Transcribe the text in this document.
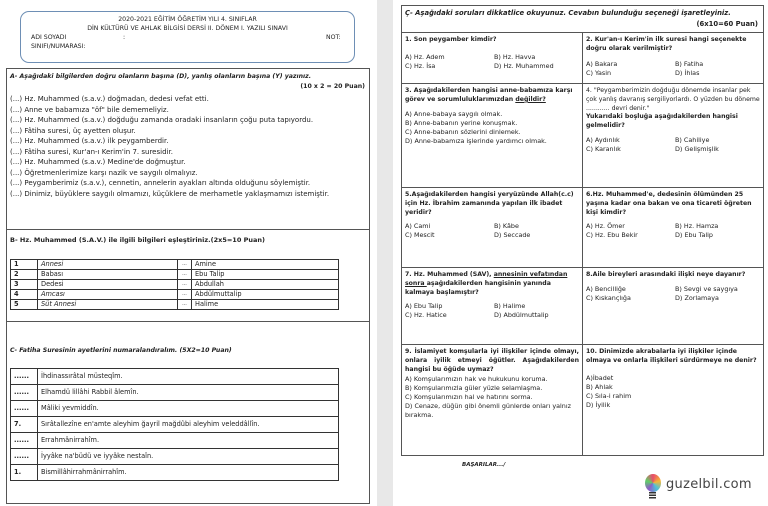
2020-2021 EĞİTİM ÖĞRETİM YILI 4. SINIFLAR
DİN KÜLTÜRÜ VE AHLAK BİLGİSİ DERSİ II. DÖNEM I. YAZILI SINAVI
ADI SOYADI	:	NOT:
SINIFI/NUMARASI:
A- Aşağıdaki bilgilerden doğru olanların başına (D), yanlış olanların başına (Y) yazınız.
(10 x 2 = 20 Puan)
(...) Hz. Muhammed (s.a.v.) doğmadan, dedesi vefat etti.
(...) Anne ve babamıza "öf" bile dememeliyiz.
(...) Hz. Muhammed (s.a.v.) doğduğu zamanda oradaki insanların çoğu puta tapıyordu.
(...) Fâtiha suresi, üç ayetten oluşur.
(...) Hz. Muhammed (s.a.v.) ilk peygamberdir.
(...) Fâtiha suresi, Kur'an-ı Kerim'in 7. suresidir.
(...) Hz. Muhammed (s.a.v.) Medine'de doğmuştur.
(...) Öğretmenlerimize karşı nazik ve saygılı olmalıyız.
(...) Peygamberimiz (s.a.v.), cennetin, annelerin ayakları altında olduğunu söylemiştir.
(...) Dinimiz, büyüklere saygılı olmamızı, küçüklere de merhametle yaklaşmamızı istemiştir.
B- Hz. Muhammed (S.A.V.) ile ilgili bilgileri eşleştiriniz.(2x5=10 Puan)
1	Annesi	...	Amine
2	Babası	...	Ebu Talip
3	Dedesi	...	Abdullah
4	Amcası	...	Abdülmuttalip
5	Süt Annesi	...	Halime
C- Fatiha Suresinin ayetlerini numaralandıralım. (5X2=10 Puan)
......	İhdinassırâtal müsteqîm.
......	Elhamdü lillâhi Rabbil âlemîn.
......	Mâliki yevmiddîn.
7.	Sırâtallezîne en'amte aleyhim ğayril mağdûbi aleyhim veleddâllîn.
......	Errahmânirrahîm.
......	İyyâke na'büdü ve iyyâke nestaîn.
1.	Bismillâhirrahmânirrahîm.
Ç- Aşağıdaki soruları dikkatlice okuyunuz. Cevabın bulunduğu seçeneği işaretleyiniz.
(6x10=60 Puan)
1. Son peygamber kimdir?
A) Hz. Adem	B) Hz. Havva
C) Hz. İsa	D) Hz. Muhammed
2. Kur'an-ı Kerim'in ilk suresi hangi seçenekte doğru olarak verilmiştir?
A) Bakara	B) Fatiha
C) Yasin	D) İhlas
3. Aşağıdakilerden hangisi anne-babamıza karşı görev ve sorumluluklarımızdan değildir?
A) Anne-babaya saygılı olmak.
B) Anne-babanın yerine konuşmak.
C) Anne-babanın sözlerini dinlemek.
D) Anne-babamıza işlerinde yardımcı olmak.
4. "Peygamberimizin doğduğu dönemde insanlar pek çok yanlış davranış sergiliyorlardı. O yüzden bu döneme ............ devri denir."
Yukarıdaki boşluğa aşağıdakilerden hangisi gelmelidir?
A) Aydınlık	B) Cahiliye
C) Karanlık	D) Gelişmişlik
5.Aşağıdakilerden hangisi yeryüzünde Allah(c.c) için Hz. İbrahim zamanında yapılan ilk ibadet yeridir?
A) Cami	B) Kâbe
C) Mescit	D) Seccade
6.Hz. Muhammed'e, dedesinin ölümünden 25 yaşına kadar ona bakan ve ona ticareti öğreten kişi kimdir?
A) Hz. Ömer	B) Hz. Hamza
C) Hz. Ebu Bekir	D) Ebu Talip
7. Hz. Muhammed (SAV), annesinin vefatından sonra aşağıdakilerden hangisinin yanında kalmaya başlamıştır?
A) Ebu Talip	B) Halime
C) Hz. Hatice	D) Abdülmuttalip
8.Aile bireyleri arasındaki ilişki neye dayanır?
A) Bencilliğe	B) Sevgi ve saygıya
C) Kıskançlığa	D) Zorlamaya
9. İslamiyet komşularla iyi ilişkiler içinde olmayı, onlara iyilik etmeyi öğütler. Aşağıdakilerden hangisi bu öğüde uymaz?
A) Komşularımızın hak ve hukukunu koruma.
B) Komşularımızla güler yüzle selamlaşma.
C) Komşularımızın hal ve hatırını sorma.
D) Cenaze, düğün gibi önemli günlerde onları yalnız bırakma.
10. Dinimizde akrabalarla iyi ilişkiler içinde olmaya ve onlarla ilişkileri sürdürmeye ne denir?
A)İbadet
B) Ahlak
C) Sıla-i rahim
D) İyilik
BAŞARILAR.../
guzelbil.com
